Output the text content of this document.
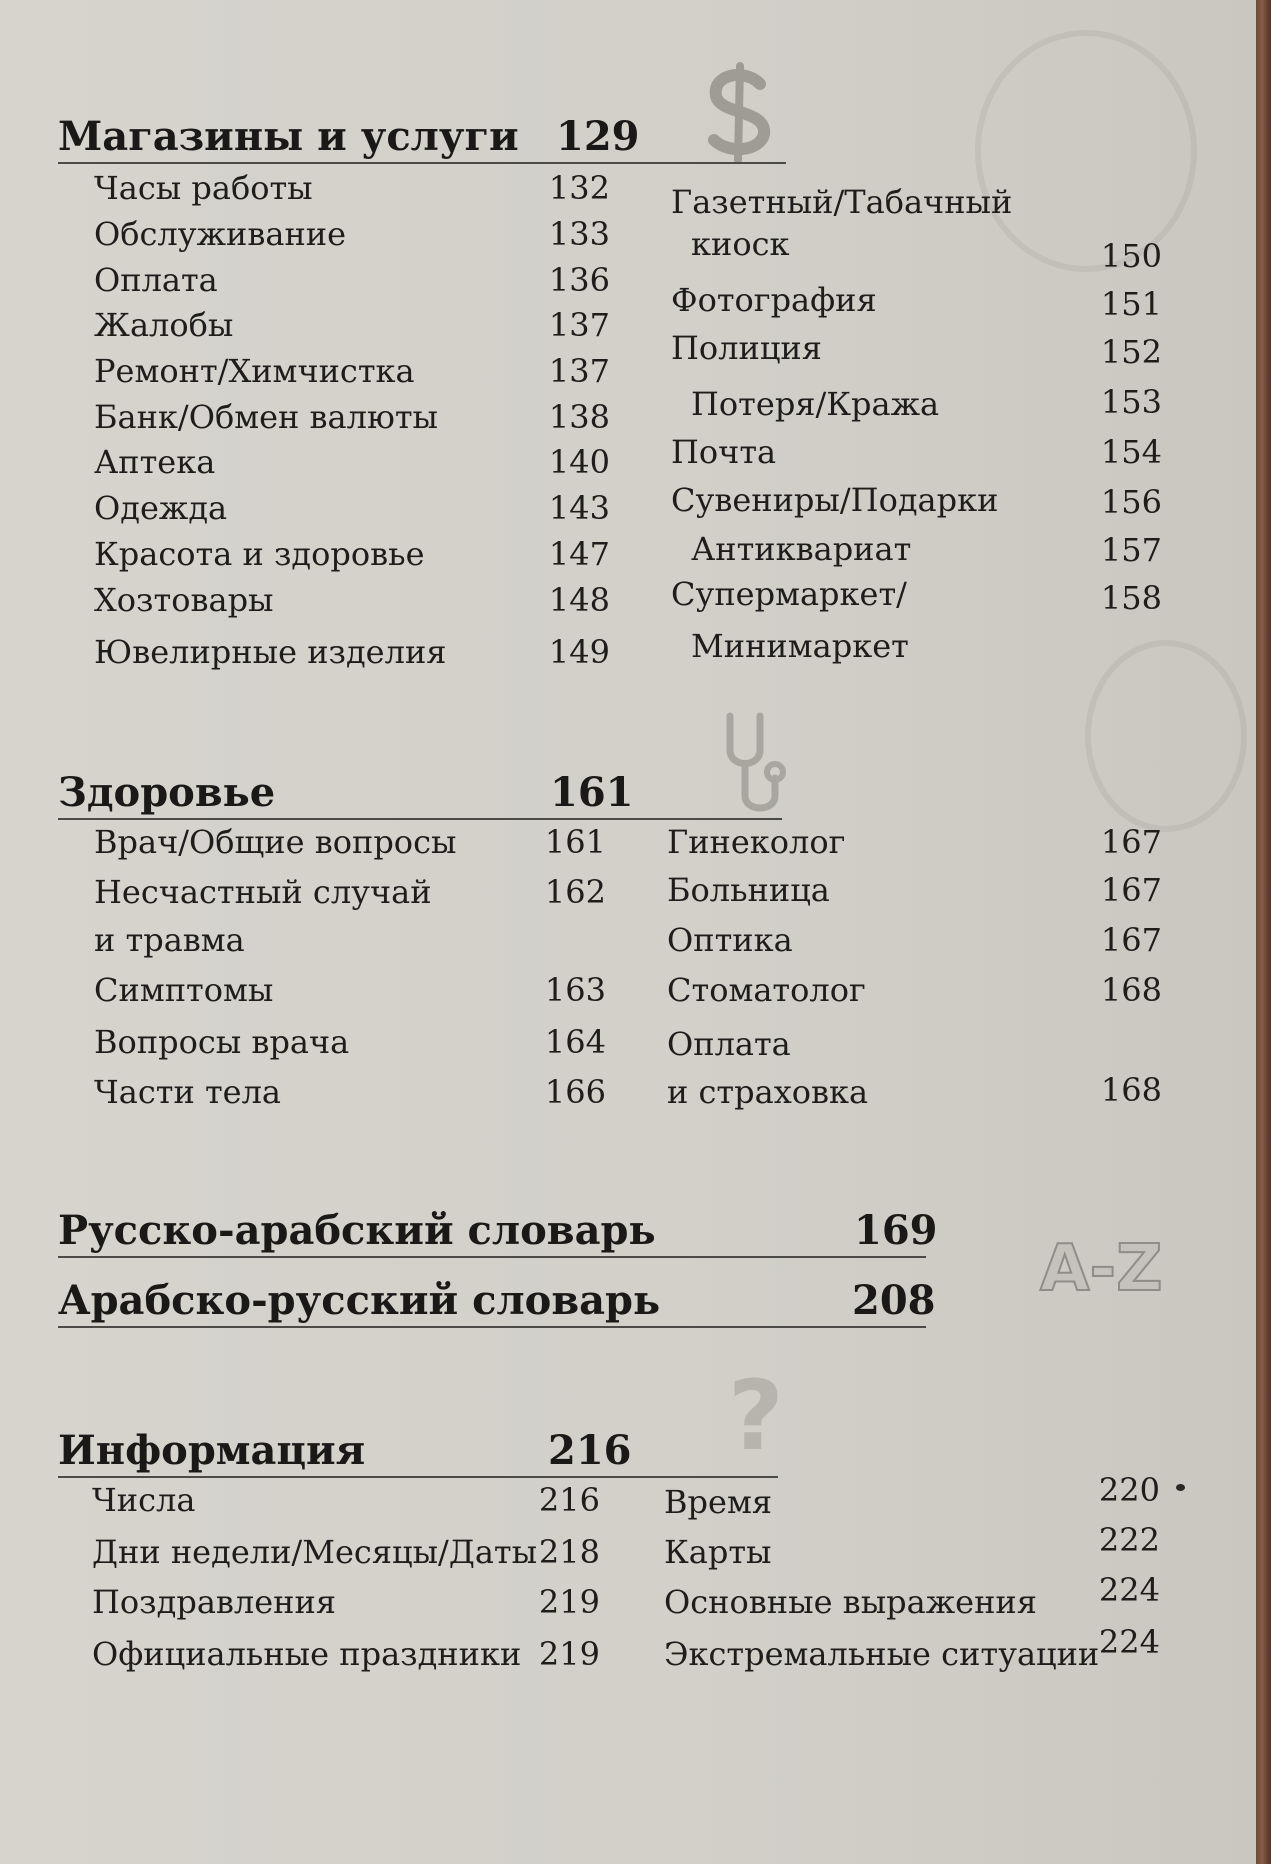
A-Z
?
Магазины и услуги 129
Часы работы	132
Обслуживание	133
Оплата	136
Жалобы	137
Ремонт/Химчистка	137
Банк/Обмен валюты	138
Аптека	140
Одежда	143
Красота и здоровье	147
Хозтовары	148
Ювелирные изделия	149
Газетный/Табачный
киоск	150
Фотография	151
Полиция	152
Потеря/Кража	153
Почта	154
Сувениры/Подарки	156
Антиквариат	157
Супермаркет/
Минимаркет
158
Здоровье	161
Врач/Общие вопросы	161
Несчастный случай
и травма
162
Симптомы	163
Вопросы врача	164
Части тела	166
Гинеколог	167
Больница	167
Оптика	167
Стоматолог	168
Оплата
и страховка	168
Русско-арабский словарь	169
Арабско-русский словарь	208
Информация	216
Числа	216
Дни недели/Месяцы/Даты 218
Поздравления	219
Официальные праздники 219
Время	220
Карты	222
Основные выражения	224
Экстремальные ситуации 224
